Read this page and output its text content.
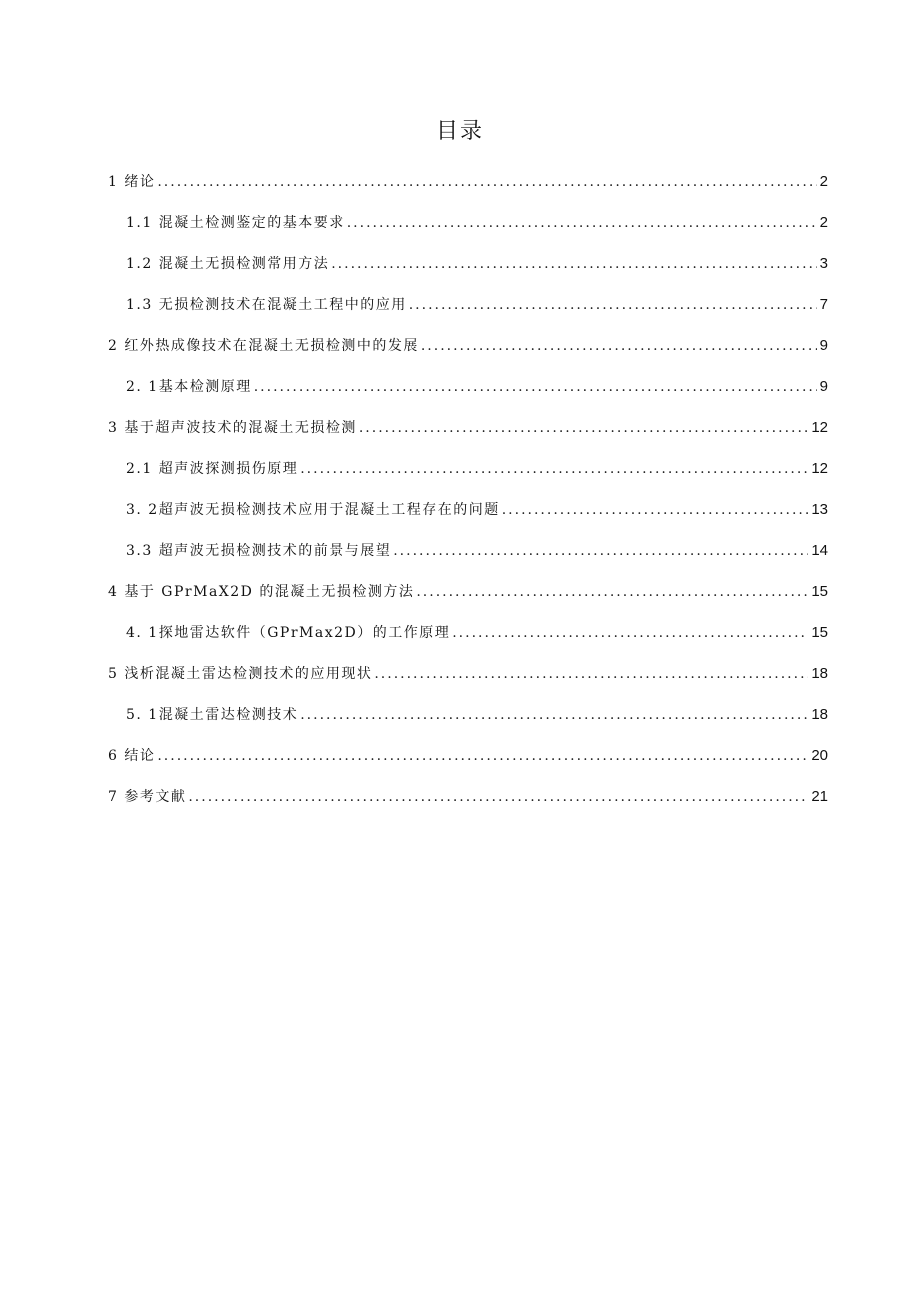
目录
1 绪论 .....	2
1.1 混凝土检测鉴定的基本要求 .....	2
1.2 混凝土无损检测常用方法 .....	3
1.3 无损检测技术在混凝土工程中的应用 .....	7
2 红外热成像技术在混凝土无损检测中的发展 .....	9
2. 1基本检测原理 .....	9
3 基于超声波技术的混凝土无损检测 .....	12
2.1 超声波探测损伤原理 .....	12
3. 2超声波无损检测技术应用于混凝土工程存在的问题 .....	13
3.3 超声波无损检测技术的前景与展望 .....	14
4 基于 GPrMaX2D 的混凝土无损检测方法 .....	15
4. 1探地雷达软件（GPrMax2D）的工作原理 .....	15
5 浅析混凝土雷达检测技术的应用现状 .....	18
5. 1混凝土雷达检测技术 .....	18
6 结论 .....	20
7 参考文献 .....	21
